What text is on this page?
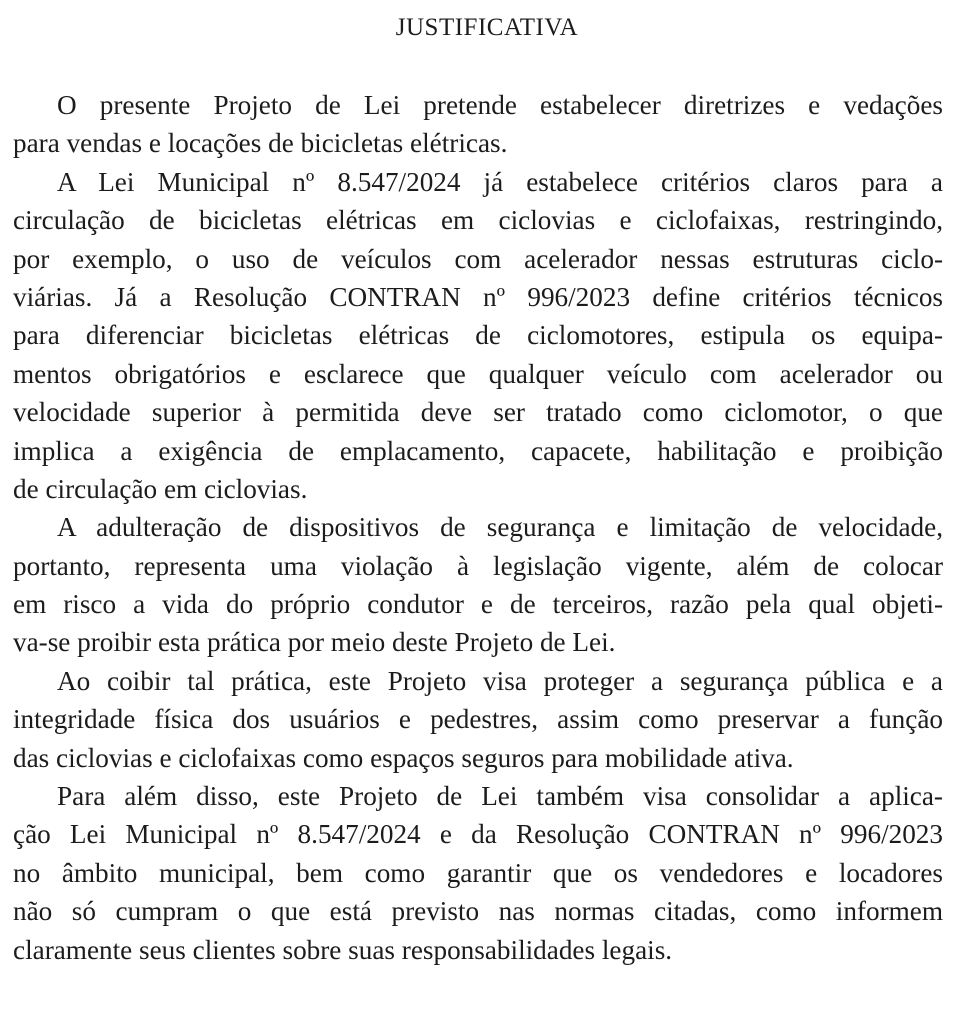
JUSTIFICATIVA
O presente Projeto de Lei pretende estabelecer diretrizes e vedações
para vendas e locações de bicicletas elétricas.
A Lei Municipal nº 8.547/2024 já estabelece critérios claros para a
circulação de bicicletas elétricas em ciclovias e ciclofaixas, restringindo,
por exemplo, o uso de veículos com acelerador nessas estruturas ciclo-
viárias. Já a Resolução CONTRAN nº 996/2023 define critérios técnicos
para diferenciar bicicletas elétricas de ciclomotores, estipula os equipa-
mentos obrigatórios e esclarece que qualquer veículo com acelerador ou
velocidade superior à permitida deve ser tratado como ciclomotor, o que
implica a exigência de emplacamento, capacete, habilitação e proibição
de circulação em ciclovias.
A adulteração de dispositivos de segurança e limitação de velocidade,
portanto, representa uma violação à legislação vigente, além de colocar
em risco a vida do próprio condutor e de terceiros, razão pela qual objeti-
va-se proibir esta prática por meio deste Projeto de Lei.
Ao coibir tal prática, este Projeto visa proteger a segurança pública e a
integridade física dos usuários e pedestres, assim como preservar a função
das ciclovias e ciclofaixas como espaços seguros para mobilidade ativa.
Para além disso, este Projeto de Lei também visa consolidar a aplica-
ção Lei Municipal nº 8.547/2024 e da Resolução CONTRAN nº 996/2023
no âmbito municipal, bem como garantir que os vendedores e locadores
não só cumpram o que está previsto nas normas citadas, como informem
claramente seus clientes sobre suas responsabilidades legais.
